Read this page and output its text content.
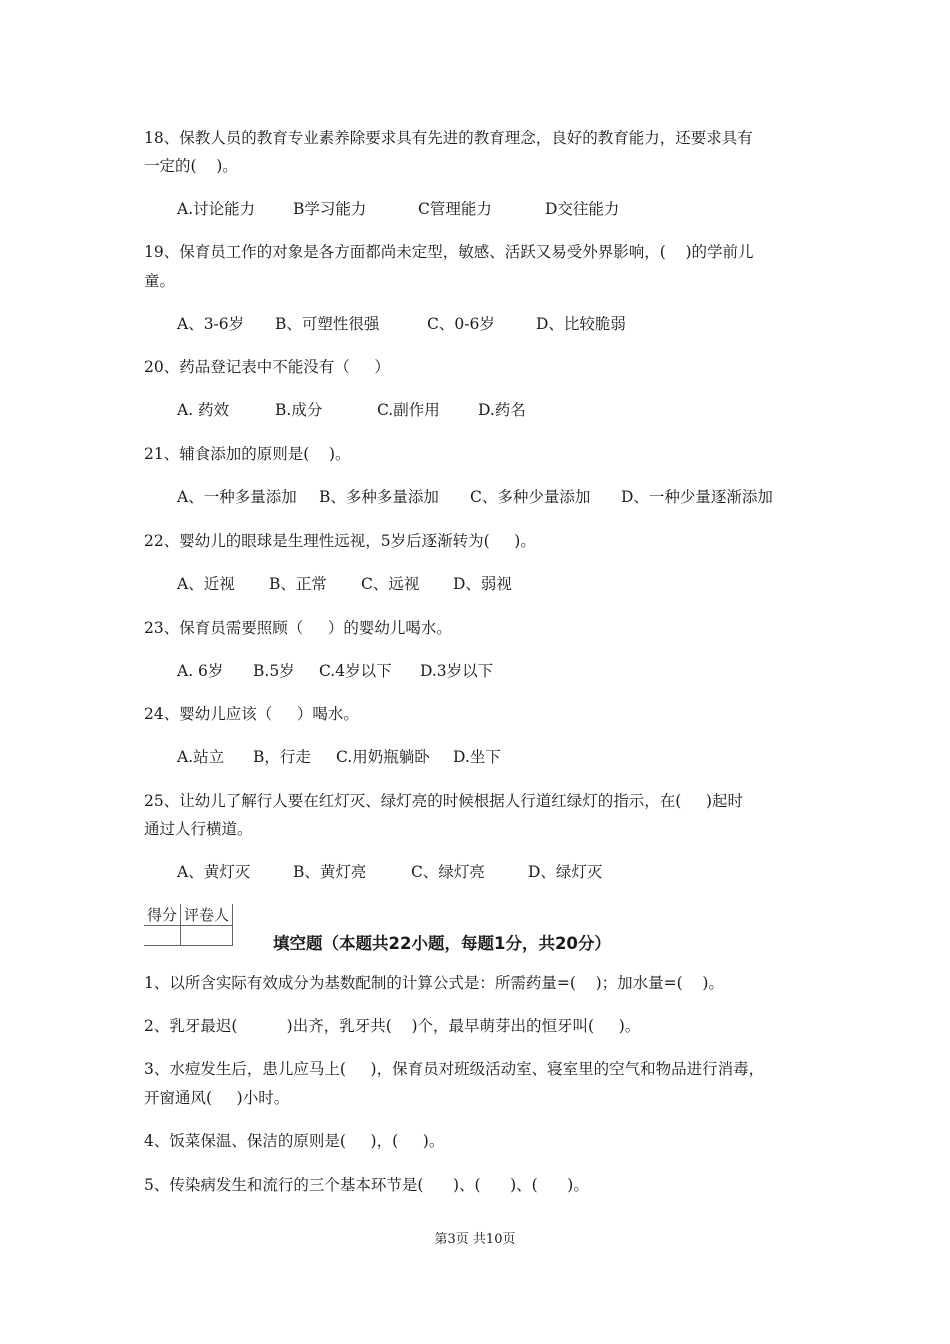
18、保教人员的教育专业素养除要求具有先进的教育理念，良好的教育能力，还要求具有
一定的(    )。

A.讨论能力

B学习能力

	C管理能力

	D交往能力

19、保育员工作的对象是各方面都尚未定型，敏感、活跃又易受外界影响，(    )的学前儿
童。

A、3-6岁

B、可塑性很强

	C、0-6岁

	D、比较脆弱

20、药品登记表中不能没有（     ）

A. 药效

	B.成分

	C.副作用

D.药名

21、辅食添加的原则是(    )。

A、一种多量添加

B、多种多量添加

C、多种少量添加

D、一种少量逐渐添加

22、婴幼儿的眼球是生理性远视，5岁后逐渐转为(     )。

A、近视

B、正常

C、远视

D、弱视

23、保育员需要照顾（     ）的婴幼儿喝水。

A. 6岁

B.5岁

C.4岁以下

D.3岁以下

24、婴幼儿应该（     ）喝水。

A.站立

B，行走

C.用奶瓶躺卧

D.坐下

25、让幼儿了解行人要在红灯灭、绿灯亮的时候根据人行道红绿灯的指示，在(     )起时
通过人行横道。

A、黄灯灭

	B、黄灯亮

	C、绿灯亮

	D、绿灯灭

得分	评卷人

填空题（本题共22小题，每题1分，共20分）
1、以所含实际有效成分为基数配制的计算公式是：所需药量=(    )；加水量=(    )。
2、乳牙最迟(          )出齐，乳牙共(    )个，最早萌芽出的恒牙叫(     )。
3、水痘发生后，患儿应马上(     )，保育员对班级活动室、寝室里的空气和物品进行消毒，
开窗通风(     )小时。
4、饭菜保温、保洁的原则是(     )，(     )。
5、传染病发生和流行的三个基本环节是(      )、(      )、(      )。
第3页 共10页
